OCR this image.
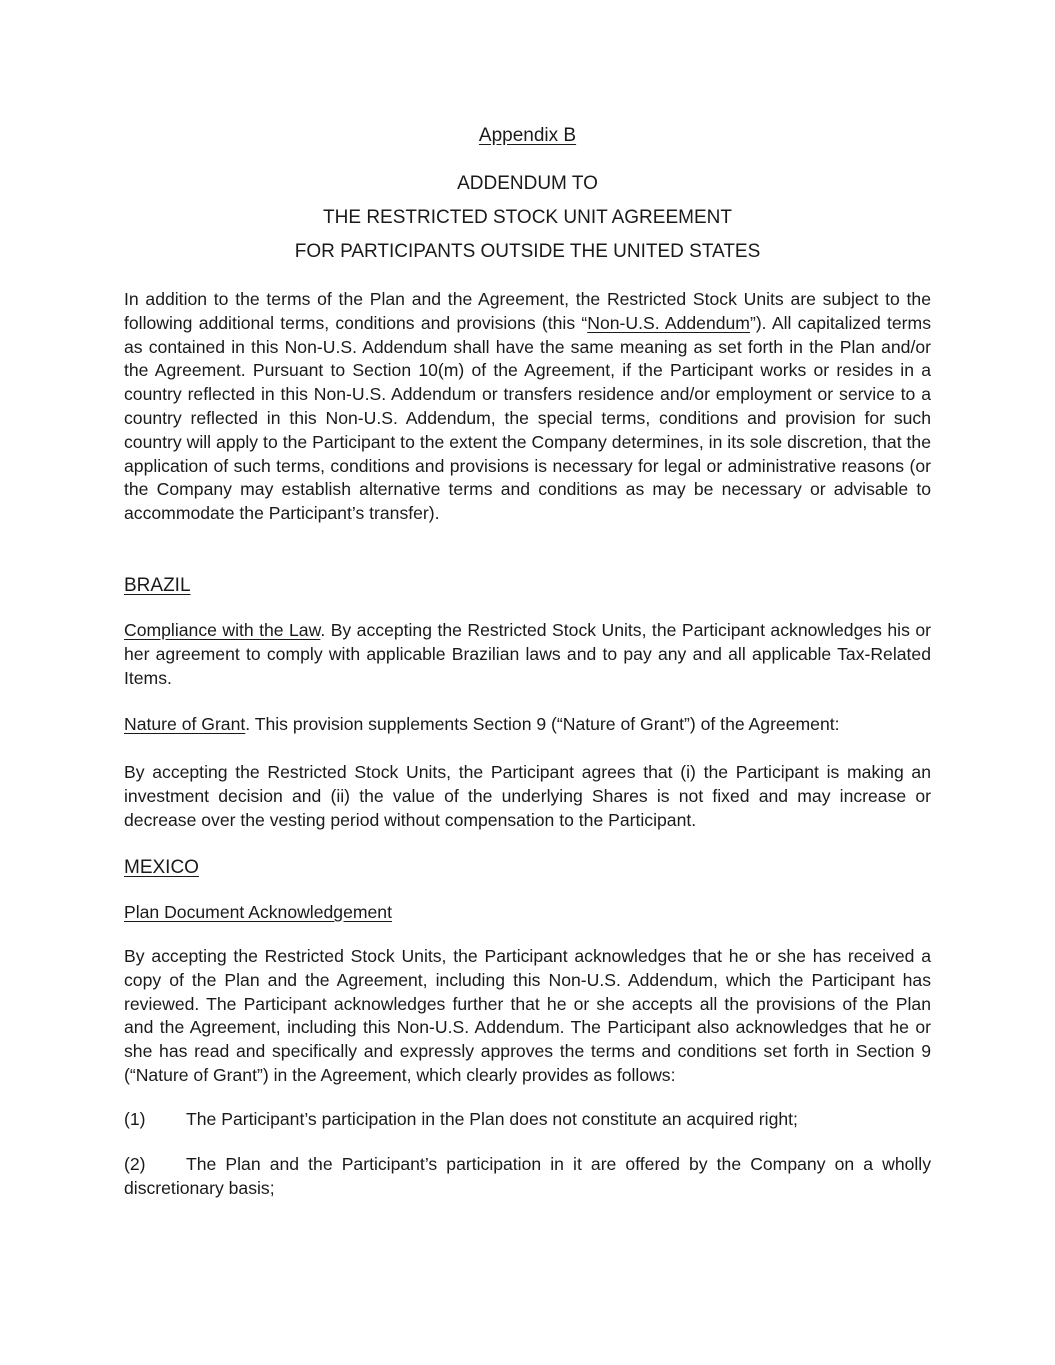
Appendix B
ADDENDUM TO
THE RESTRICTED STOCK UNIT AGREEMENT
FOR PARTICIPANTS OUTSIDE THE UNITED STATES
In addition to the terms of the Plan and the Agreement, the Restricted Stock Units are subject to the following additional terms, conditions and provisions (this “Non-U.S. Addendum”). All capitalized terms as contained in this Non-U.S. Addendum shall have the same meaning as set forth in the Plan and/or the Agreement. Pursuant to Section 10(m) of the Agreement, if the Participant works or resides in a country reflected in this Non-U.S. Addendum or transfers residence and/or employment or service to a country reflected in this Non-U.S. Addendum, the special terms, conditions and provision for such country will apply to the Participant to the extent the Company determines, in its sole discretion, that the application of such terms, conditions and provisions is necessary for legal or administrative reasons (or the Company may establish alternative terms and conditions as may be necessary or advisable to accommodate the Participant’s transfer).
BRAZIL
Compliance with the Law. By accepting the Restricted Stock Units, the Participant acknowledges his or her agreement to comply with applicable Brazilian laws and to pay any and all applicable Tax-Related Items.
Nature of Grant. This provision supplements Section 9 (“Nature of Grant”) of the Agreement:
By accepting the Restricted Stock Units, the Participant agrees that (i) the Participant is making an investment decision and (ii) the value of the underlying Shares is not fixed and may increase or decrease over the vesting period without compensation to the Participant.
MEXICO
Plan Document Acknowledgement
By accepting the Restricted Stock Units, the Participant acknowledges that he or she has received a copy of the Plan and the Agreement, including this Non-U.S. Addendum, which the Participant has reviewed. The Participant acknowledges further that he or she accepts all the provisions of the Plan and the Agreement, including this Non-U.S. Addendum. The Participant also acknowledges that he or she has read and specifically and expressly approves the terms and conditions set forth in Section 9 (“Nature of Grant”) in the Agreement, which clearly provides as follows:
(1) The Participant’s participation in the Plan does not constitute an acquired right;
(2) The Plan and the Participant’s participation in it are offered by the Company on a wholly discretionary basis;
